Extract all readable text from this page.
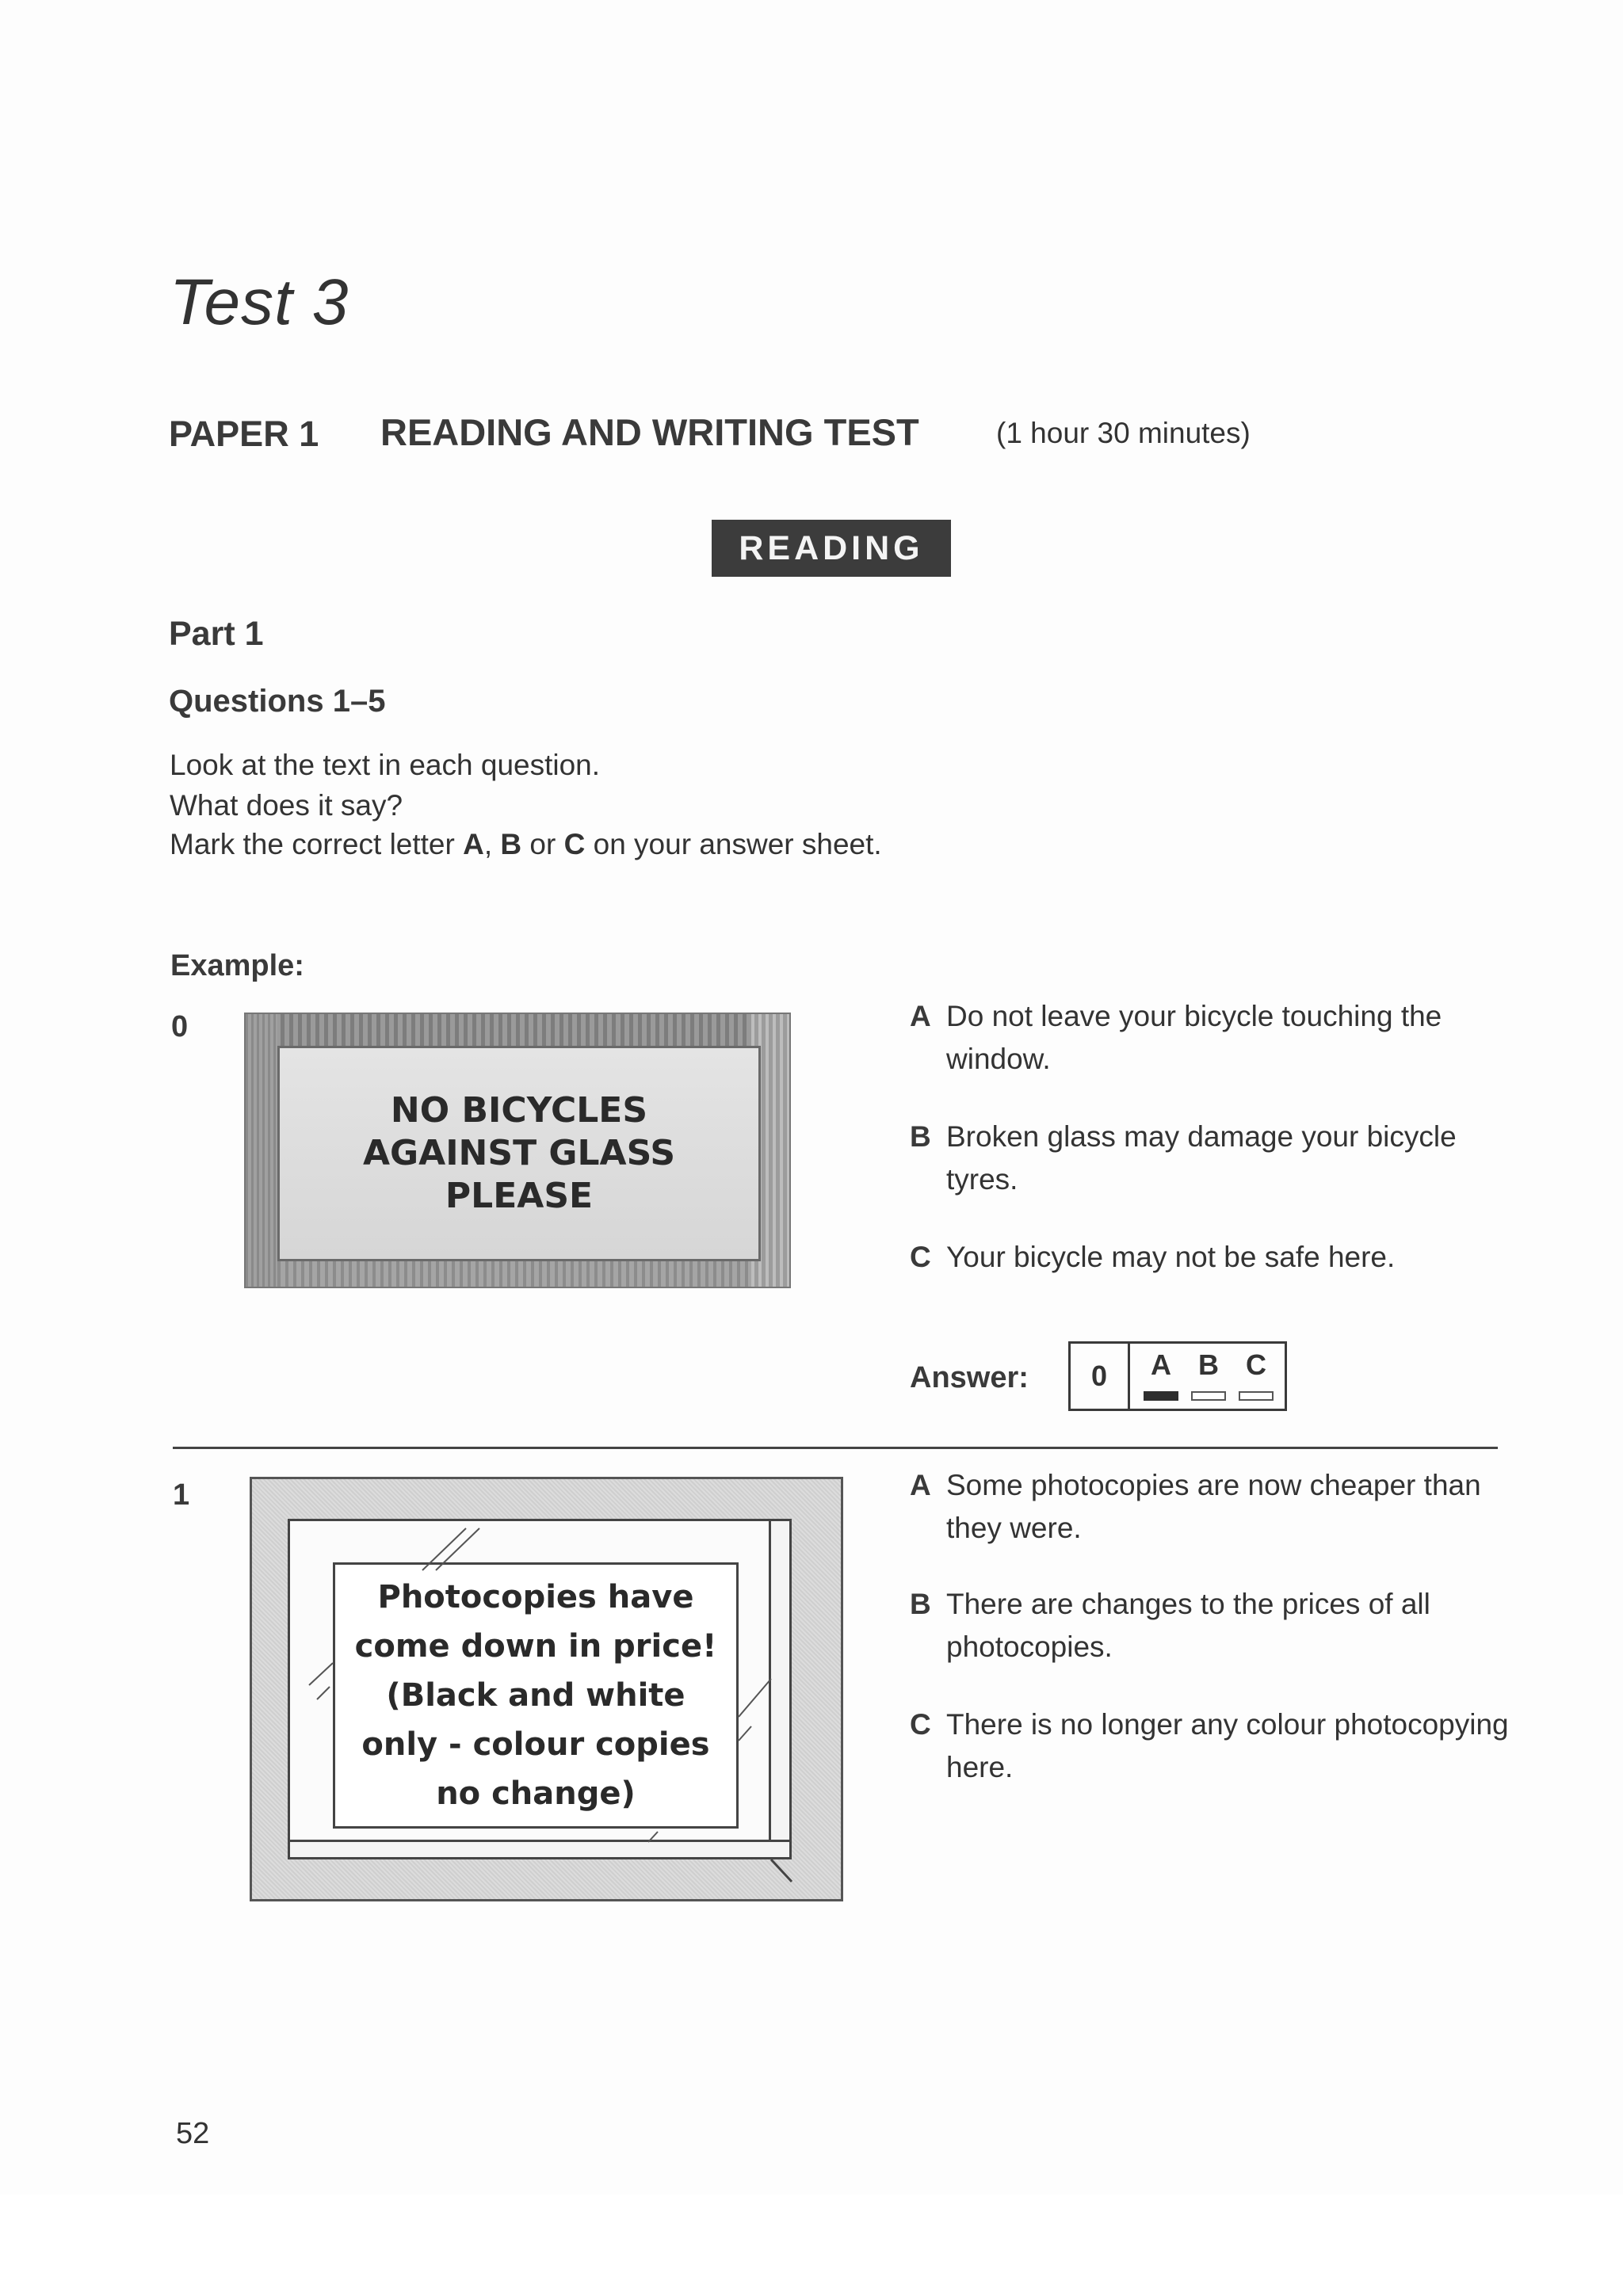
Test 3
PAPER 1 READING AND WRITING TEST	(1 hour 30 minutes)
READING
Part 1
Questions 1–5
Look at the text in each question.
What does it say?
Mark the correct letter A, B or C on your answer sheet.
Example:
0
NO BICYCLES
AGAINST GLASS
PLEASE
A Do not leave your bicycle touching the window.
B Broken glass may damage your bicycle tyres.
C Your bicycle may not be safe here.
Answer:	0	A B C
1
Photocopies have
come down in price!
(Black and white
only - colour copies
no change)
A Some photocopies are now cheaper than they were.
B There are changes to the prices of all photocopies.
C There is no longer any colour photocopying here.
52
